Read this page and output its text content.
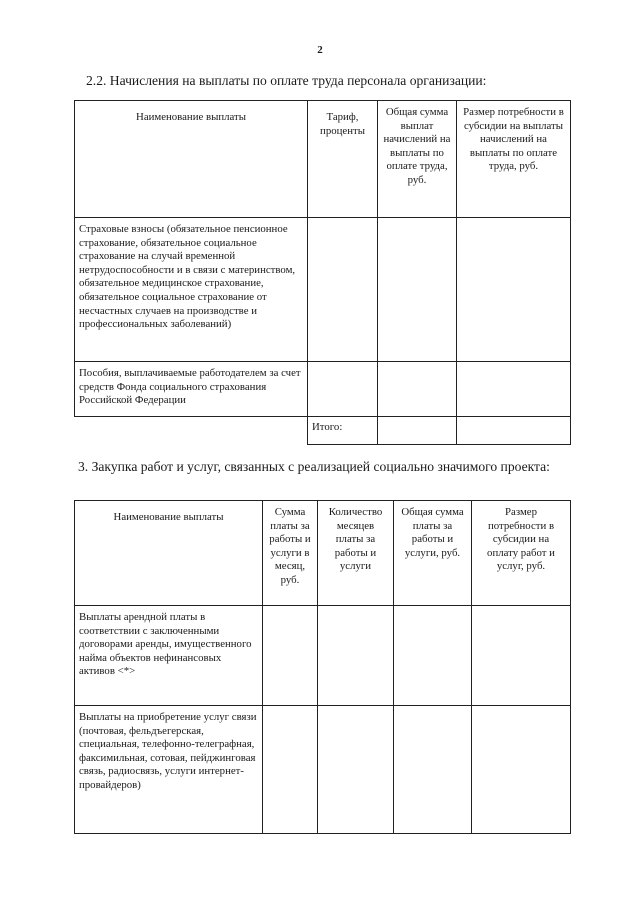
2
2.2. Начисления на выплаты по оплате труда персонала организации:
Наименование выплаты	Тариф, проценты	Общая сумма выплат начислений на выплаты по оплате труда, руб.	Размер потребности в субсидии на выплаты начислений на выплаты по оплате труда, руб.
Страховые взносы (обязательное пенсионное страхование, обязательное социальное страхование на случай временной нетрудоспособности и в связи с материнством, обязательное медицинское страхование, обязательное социальное страхование от несчастных случаев на производстве и профессиональных заболеваний)			
Пособия, выплачиваемые работодателем за счет средств Фонда социального страхования Российской Федерации			
	Итого:		
3. Закупка работ и услуг, связанных с реализацией социально значимого проекта:
Наименование выплаты	Сумма платы за работы и услуги в месяц, руб.	Количество месяцев платы за работы и услуги	Общая сумма платы за работы и услуги, руб.	Размер потребности в субсидии на оплату работ и услуг, руб.
Выплаты арендной платы в соответствии с заключенными договорами аренды, имущественного найма объектов нефинансовых активов <*>				
Выплаты на приобретение услуг связи (почтовая, фельдъегерская, специальная, телефонно-телеграфная, факсимильная, сотовая, пейджинговая связь, радиосвязь, услуги интернет-провайдеров)				
